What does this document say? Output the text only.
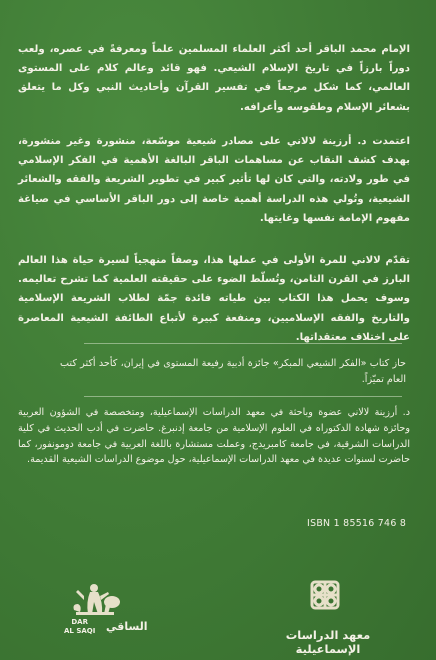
الإمام محمد الباقر أحد أكثر العلماء المسلمين علماً ومعرفةً في عصره، ولعب دوراً بارزاً في تاريخ الإسلام الشيعي. فهو قائد وعالم كلام على المستوى العالمي، كما شكل مرجعاً في تفسير القرآن وأحاديث النبي وكل ما يتعلق بشعائر الإسلام وطقوسه وأعرافه.
اعتمدت د. أرزينة لالاني على مصادر شيعية موسّعة، منشورة وغير منشورة، بهدف كشف النقاب عن مساهمات الباقر البالغة الأهمية في الفكر الإسلامي في طور ولادته، والتي كان لها تأثير كبير في تطوير الشريعة والفقه والشعائر الشيعية، وتُولي هذه الدراسة أهمية خاصة إلى دور الباقر الأساسي في صياغة مفهوم الإمامة نفسها وغايتها.
تقدّم لالاني للمرة الأولى في عملها هذا، وصفاً منهجياً لسيرة حياة هذا العالم البارز في القرن الثامن، وتُسلّط الضوء على حقيقته العلمية كما تشرح تعاليمه. وسوف يحمل هذا الكتاب بين طياته فائدة جمّة لطلاب الشريعة الإسلامية والتاريخ والفقه الإسلاميين، ومنفعة كبيرة لأتباع الطائفة الشيعية المعاصرة على اختلاف معتقداتها.
حاز كتاب «الفكر الشيعي المبكر» جائزة أدبية رفيعة المستوى في إيران، كأحد أكثر كتب العام تميّزاً.
د. أرزينة لالاني عضوة وباحثة في معهد الدراسات الإسماعيلية، ومتخصصة في الشؤون العربية وحائزة شهادة الدكتوراه في العلوم الإسلامية من جامعة إدنبرغ. حاضرت في أدب الحديث في كلية الدراسات الشرقية، في جامعة كامبريدج، وعملت مستشارة باللغة العربية في جامعة دومونفور، كما حاضرت لسنوات عديدة في معهد الدراسات الإسماعيلية، حول موضوع الدراسات الشيعية القديمة.
ISBN 1 85516 746 8
DAR
AL SAQI الساقي
معهد الدراسات الإسماعيلية
